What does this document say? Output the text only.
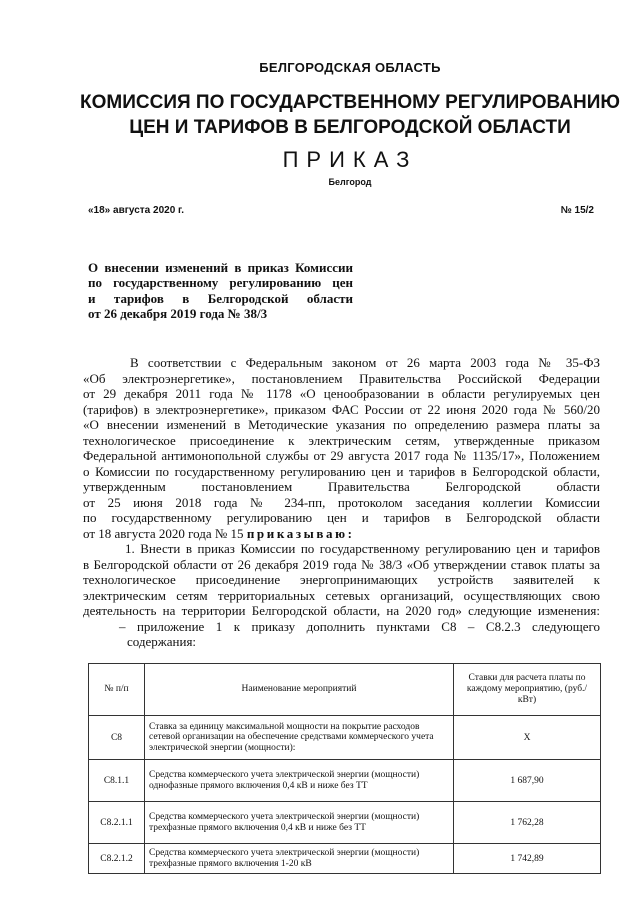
БЕЛГОРОДСКАЯ ОБЛАСТЬ
КОМИССИЯ ПО ГОСУДАРСТВЕННОМУ РЕГУЛИРОВАНИЮ
ЦЕН И ТАРИФОВ В БЕЛГОРОДСКОЙ ОБЛАСТИ
ПРИКАЗ
Белгород
«18» августа 2020 г.	№ 15/2
О внесении изменений в приказ Комиссии
по государственному регулированию цен
и тарифов в Белгородской области
от 26 декабря 2019 года № 38/3
В соответствии с Федеральным законом от 26 марта 2003 года № 35-ФЗ
«Об электроэнергетике», постановлением Правительства Российской Федерации
от 29 декабря 2011 года № 1178 «О ценообразовании в области регулируемых цен
(тарифов) в электроэнергетике», приказом ФАС России от 22 июня 2020 года № 560/20
«О внесении изменений в Методические указания по определению размера платы за
технологическое присоединение к электрическим сетям, утвержденные приказом
Федеральной антимонопольной службы от 29 августа 2017 года № 1135/17», Положением
о Комиссии по государственному регулированию цен и тарифов в Белгородской области,
утвержденным постановлением Правительства Белгородской области
от 25 июня 2018 года № 234-пп, протоколом заседания коллегии Комиссии
по государственному регулированию цен и тарифов в Белгородской области
от 18 августа 2020 года № 15 приказываю:
1. Внести в приказ Комиссии по государственному регулированию цен и тарифов
в Белгородской области от 26 декабря 2019 года № 38/3 «Об утверждении ставок платы за
технологическое присоединение энергопринимающих устройств заявителей к
электрическим сетям территориальных сетевых организаций, осуществляющих свою
деятельность на территории Белгородской области, на 2020 год» следующие изменения:
– приложение 1 к приказу дополнить пунктами С8 – С8.2.3 следующего
содержания:
№ п/п	Наименование мероприятий	Ставки для расчета платы по каждому мероприятию, (руб./кВт)
С8	Ставка за единицу максимальной мощности на покрытие расходов сетевой организации на обеспечение средствами коммерческого учета электрической энергии (мощности):	X
С8.1.1	Средства коммерческого учета электрической энергии (мощности) однофазные прямого включения 0,4 кВ и ниже без ТТ	1 687,90
С8.2.1.1	Средства коммерческого учета электрической энергии (мощности) трехфазные прямого включения 0,4 кВ и ниже без ТТ	1 762,28
С8.2.1.2	Средства коммерческого учета электрической энергии (мощности) трехфазные прямого включения 1-20 кВ	1 742,89
